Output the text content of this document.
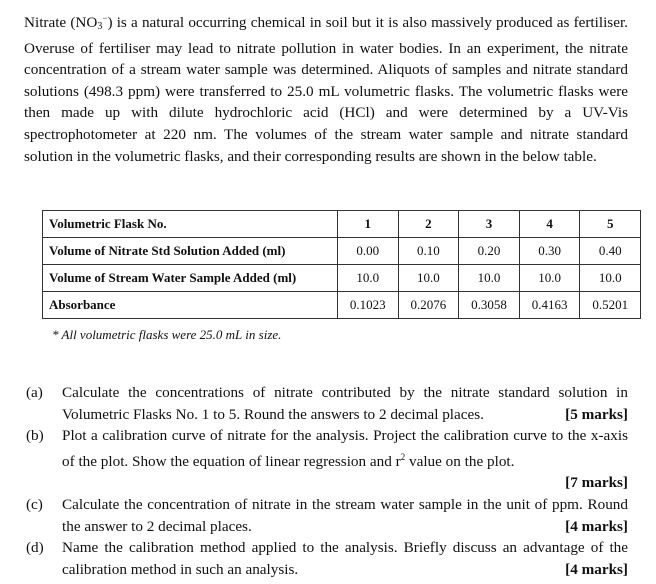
Nitrate $(NO_3^-)$ is a natural occurring chemical in soil but it is also massively produced as fertiliser. Overuse of fertiliser may lead to nitrate pollution in water bodies. In an experiment, the nitrate concentration of a stream water sample was determined. Aliquots of samples and nitrate standard solutions (498.3 ppm) were transferred to 25.0 mL volumetric flasks. The volumetric flasks were then made up with dilute hydrochloric acid (HCl) and were determined by a UV-Vis spectrophotometer at 220 nm. The volumes of the stream water sample and nitrate standard solution in the volumetric flasks, and their corresponding results are shown in the below table.

Volumetric Flask No.	1	2	3	4	5
Volume of Nitrate Std Solution Added (ml)	0.00	0.10	0.20	0.30	0.40
Volume of Stream Water Sample Added (ml)	10.0	10.0	10.0	10.0	10.0
Absorbance	0.1023	0.2076	0.3058	0.4163	0.5201

* All volumetric flasks were 25.0 mL in size.

(a) Calculate the concentrations of nitrate contributed by the nitrate standard solution in Volumetric Flasks No. 1 to 5. Round the answers to 2 decimal places.	[5 marks]
(b) Plot a calibration curve of nitrate for the analysis. Project the calibration curve to the x-axis of the plot. Show the equation of linear regression and $r^2$ value on the plot.
[7 marks]
(c) Calculate the concentration of nitrate in the stream water sample in the unit of ppm. Round the answer to 2 decimal places.	[4 marks]
(d) Name the calibration method applied to the analysis. Briefly discuss an advantage of the calibration method in such an analysis.	[4 marks]
